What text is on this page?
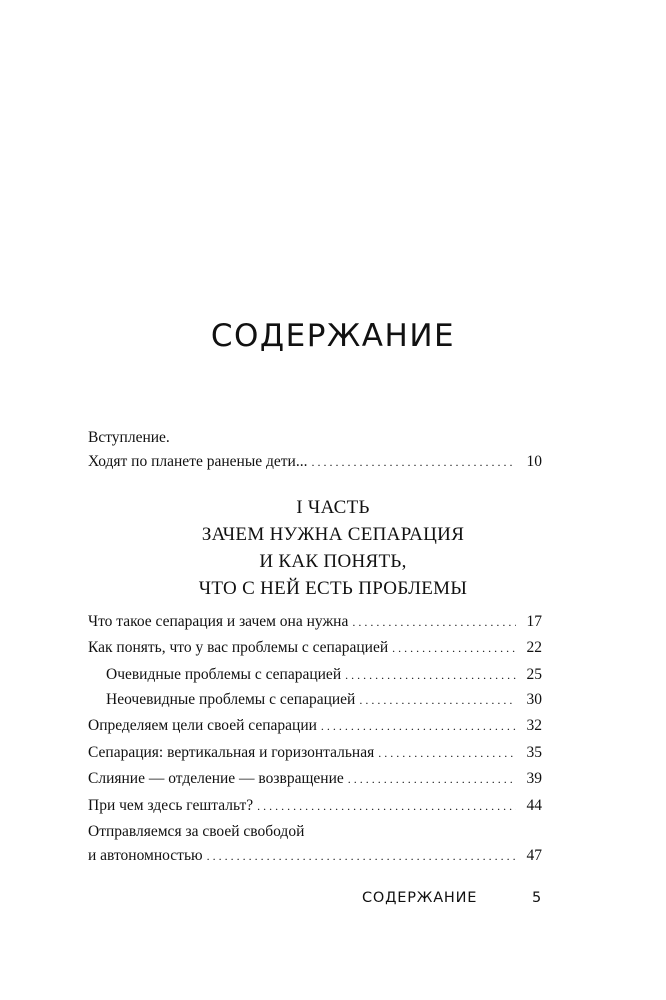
СОДЕРЖАНИЕ
Вступление.
Ходят по планете раненые дети... . . .	10
I ЧАСТЬ
ЗАЧЕМ НУЖНА СЕПАРАЦИЯ
И КАК ПОНЯТЬ,
ЧТО С НЕЙ ЕСТЬ ПРОБЛЕМЫ
Что такое сепарация и зачем она нужна . . .	17
Как понять, что у вас проблемы с сепарацией . . .	22
Очевидные проблемы с сепарацией . . .	25
Неочевидные проблемы с сепарацией . . .	30
Определяем цели своей сепарации . . .	32
Сепарация: вертикальная и горизонтальная . . .	35
Слияние — отделение — возвращение . . .	39
При чем здесь гештальт? . . .	44
Отправляемся за своей свободой
и автономностью . . .	47
СОДЕРЖАНИЕ	5
